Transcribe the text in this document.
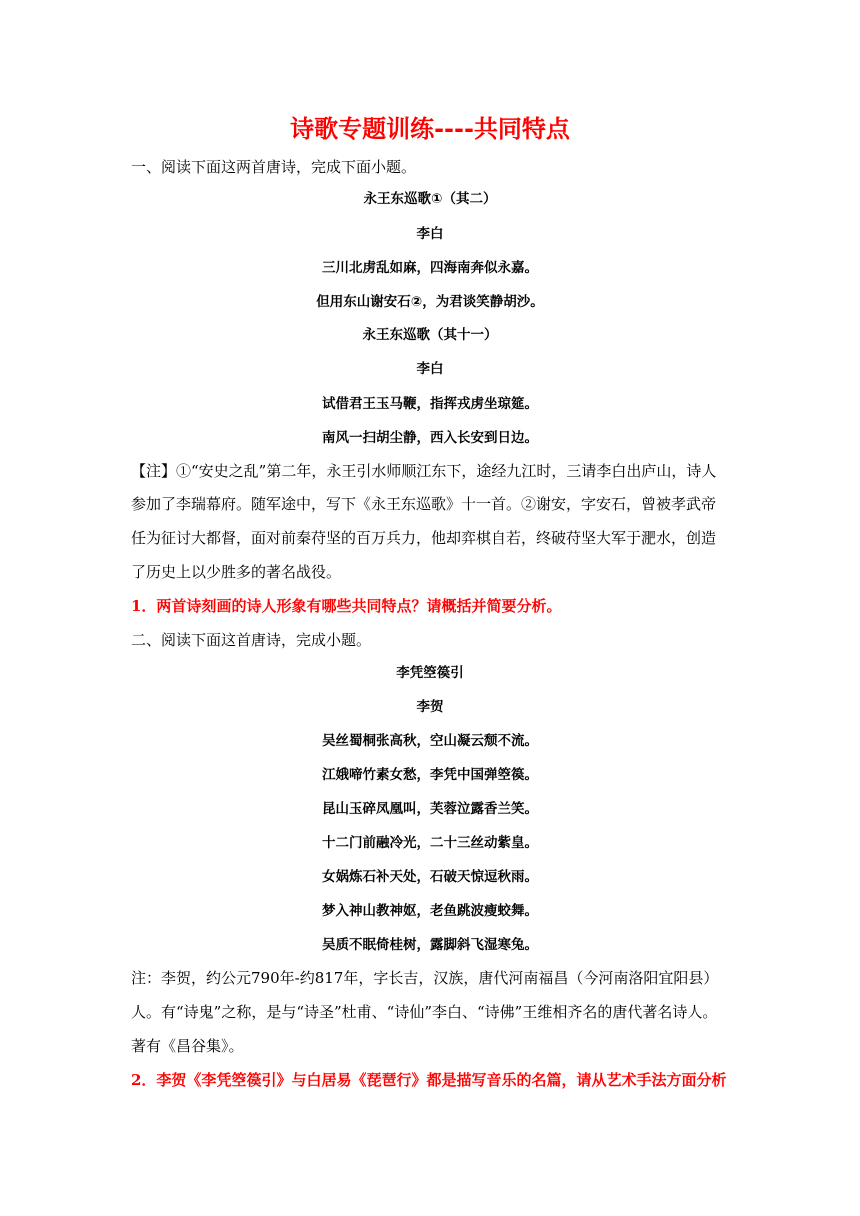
诗歌专题训练----共同特点
一、阅读下面这两首唐诗，完成下面小题。
永王东巡歌①（其二）
李白
三川北虏乱如麻，四海南奔似永嘉。
但用东山谢安石②，为君谈笑静胡沙。
永王东巡歌（其十一）
李白
试借君王玉马鞭，指挥戎虏坐琼筵。
南风一扫胡尘静，西入长安到日边。
【注】①“安史之乱”第二年，永王引水师顺江东下，途经九江时，三请李白出庐山，诗人
参加了李瑞幕府。随军途中，写下《永王东巡歌》十一首。②谢安，字安石，曾被孝武帝
任为征讨大都督，面对前秦苻坚的百万兵力，他却弈棋自若，终破苻坚大军于淝水，创造
了历史上以少胜多的著名战役。
1．两首诗刻画的诗人形象有哪些共同特点？请概括并简要分析。
二、阅读下面这首唐诗，完成小题。
李凭箜篌引
李贺
吴丝蜀桐张高秋，空山凝云颓不流。
江娥啼竹素女愁，李凭中国弹箜篌。
昆山玉碎凤凰叫，芙蓉泣露香兰笑。
十二门前融冷光，二十三丝动紫皇。
女娲炼石补天处，石破天惊逗秋雨。
梦入神山教神妪，老鱼跳波瘦蛟舞。
吴质不眠倚桂树，露脚斜飞湿寒兔。
注：李贺，约公元790年-约817年，字长吉，汉族，唐代河南福昌（今河南洛阳宜阳县）
人。有“诗鬼”之称，是与“诗圣”杜甫、“诗仙”李白、“诗佛”王维相齐名的唐代著名诗人。
著有《昌谷集》。
2．李贺《李凭箜篌引》与白居易《琵琶行》都是描写音乐的名篇，请从艺术手法方面分析
